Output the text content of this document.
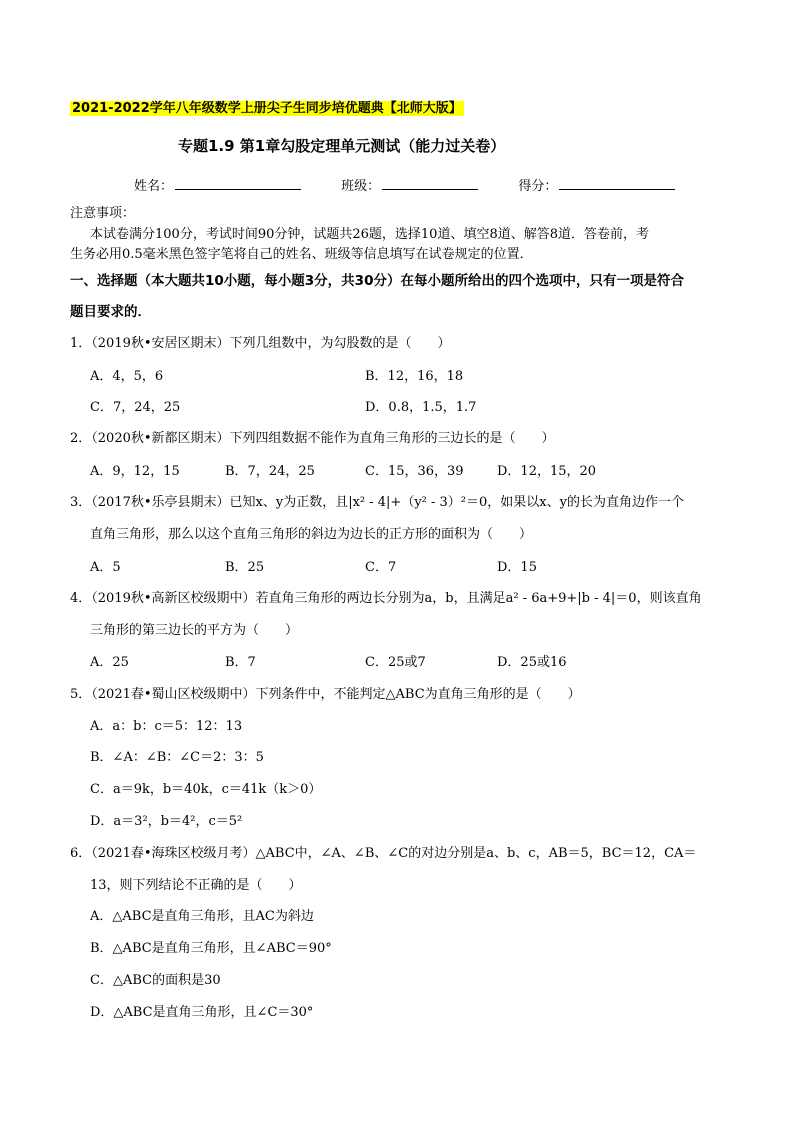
2021-2022学年八年级数学上册尖子生同步培优题典【北师大版】
专题1.9 第1章勾股定理单元测试（能力过关卷）
姓名：	班级：	得分：
注意事项：
本试卷满分100分，考试时间90分钟，试题共26题，选择10道、填空8道、解答8道．答卷前，考
生务必用0.5毫米黑色签字笔将自己的姓名、班级等信息填写在试卷规定的位置．
一、选择题（本大题共10小题，每小题3分，共30分）在每小题所给出的四个选项中，只有一项是符合
题目要求的．
1．（2019秋•安居区期末）下列几组数中，为勾股数的是（　　）
A．4，5，6	B．12，16，18
C．7，24，25	D．0.8，1.5，1.7
2．（2020秋•新都区期末）下列四组数据不能作为直角三角形的三边长的是（　　）
A．9，12，15	B．7，24，25	C．15，36，39	D．12，15，20
3．（2017秋•乐亭县期末）已知x、y为正数，且|x² - 4|+（y² - 3）²＝0，如果以x、y的长为直角边作一个
直角三角形，那么以这个直角三角形的斜边为边长的正方形的面积为（　　）
A．5	B．25	C．7	D．15
4．（2019秋•高新区校级期中）若直角三角形的两边长分别为a，b，且满足a² - 6a+9+|b - 4|＝0，则该直角
三角形的第三边长的平方为（　　）
A．25	B．7	C．25或7	D．25或16
5．（2021春•蜀山区校级期中）下列条件中，不能判定△ABC为直角三角形的是（　　）
A．a：b：c＝5：12：13
B．∠A：∠B：∠C＝2：3：5
C．a＝9k，b＝40k，c＝41k（k＞0）
D．a＝3²，b＝4²，c＝5²
6．（2021春•海珠区校级月考）△ABC中，∠A、∠B、∠C的对边分别是a、b、c，AB＝5，BC＝12，CA＝
13，则下列结论不正确的是（　　）
A．△ABC是直角三角形，且AC为斜边
B．△ABC是直角三角形，且∠ABC＝90°
C．△ABC的面积是30
D．△ABC是直角三角形，且∠C＝30°
